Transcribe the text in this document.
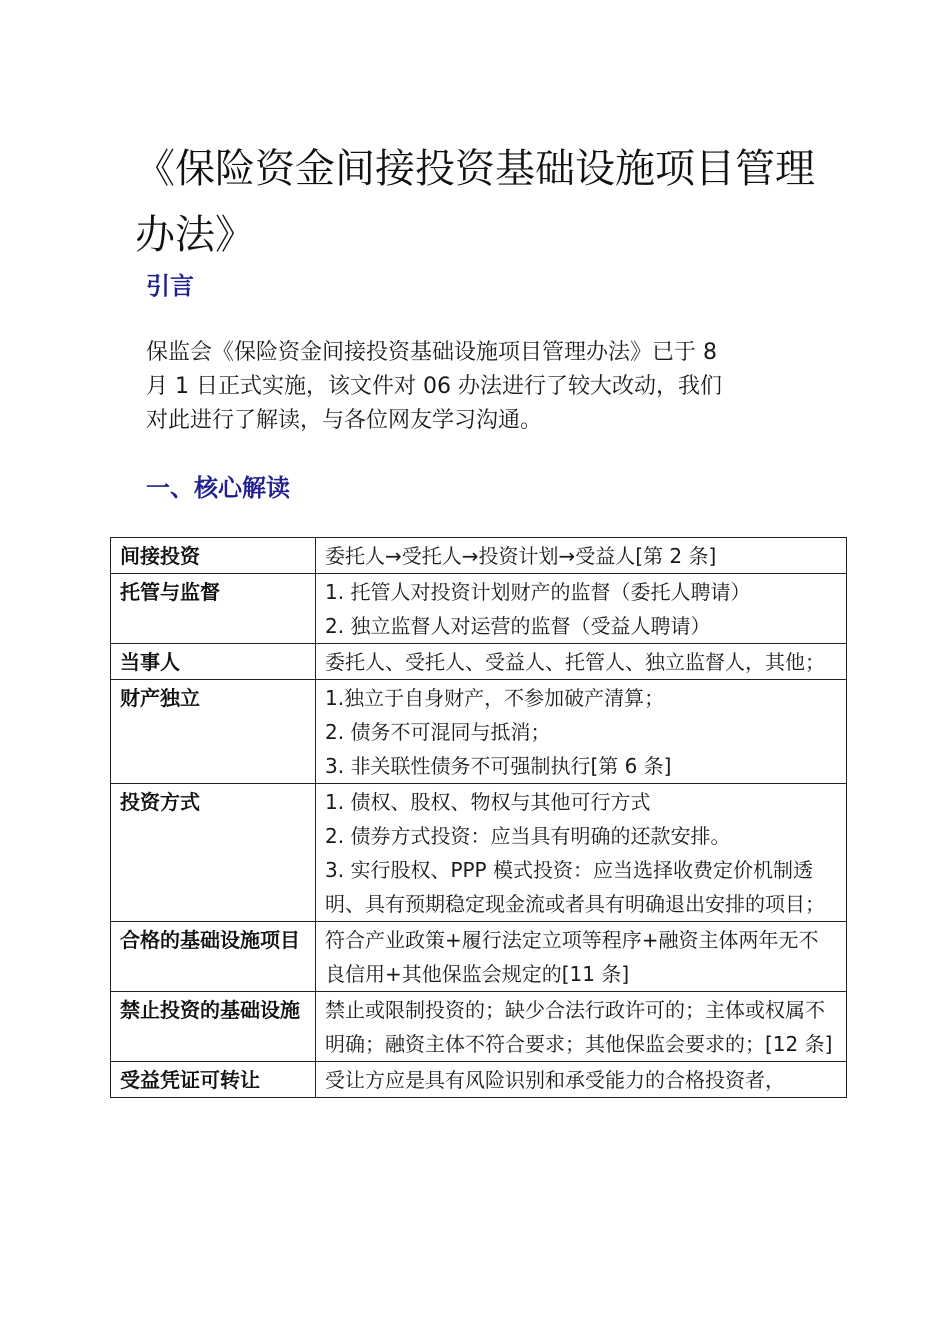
《保险资金间接投资基础设施项目管理办法》
引言

保监会《保险资金间接投资基础设施项目管理办法》已于 8
月 1 日正式实施，该文件对 06 办法进行了较大改动，我们
对此进行了解读，与各位网友学习沟通。

一、核心解读
间接投资	委托人→受托人→投资计划→受益人[第 2 条]

托管与监督	1. 托管人对投资计划财产的监督（委托人聘请）
2. 独立监督人对运营的监督（受益人聘请）

当事人	委托人、受托人、受益人、托管人、独立监督人，其他；

财产独立	1.独立于自身财产，不参加破产清算；
2. 债务不可混同与抵消；
3. 非关联性债务不可强制执行[第 6 条]

投资方式	1. 债权、股权、物权与其他可行方式
2. 债券方式投资：应当具有明确的还款安排。
3. 实行股权、PPP 模式投资：应当选择收费定价机制透明、具有预期稳定现金流或者具有明确退出安排的项目；

合格的基础设施项目	符合产业政策+履行法定立项等程序+融资主体两年无不良信用+其他保监会规定的[11 条]

禁止投资的基础设施	禁止或限制投资的；缺少合法行政许可的；主体或权属不明确；融资主体不符合要求；其他保监会要求的；[12 条]

受益凭证可转让	受让方应是具有风险识别和承受能力的合格投资者，
